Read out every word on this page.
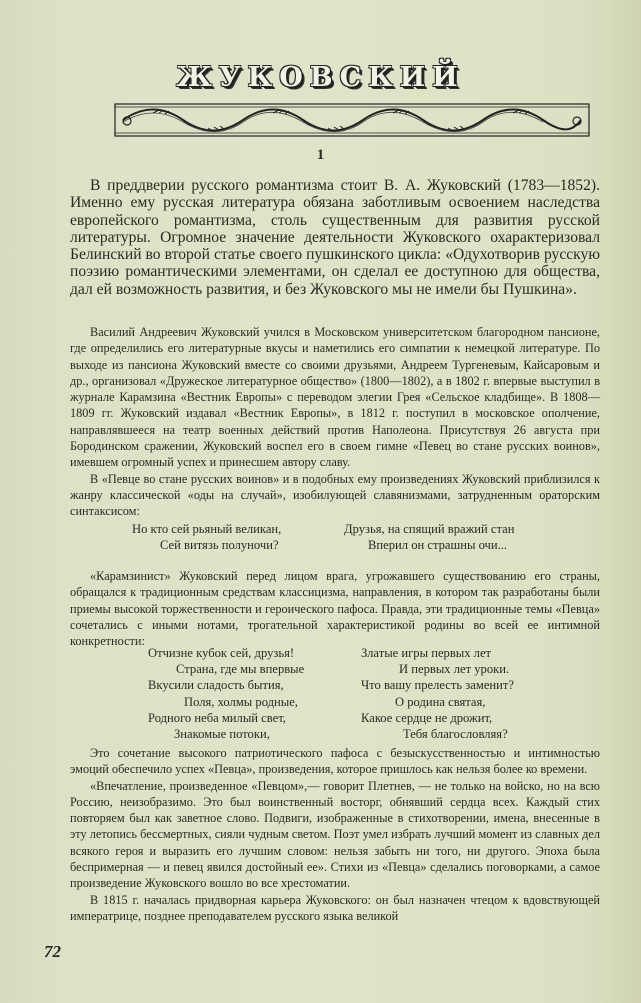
ЖУКОВСКИЙ
1

В преддверии русского романтизма стоит В. А. Жуковский (1783—1852). Именно ему русская литература обязана заботливым освоением наследства европейского романтизма, столь существенным для развития русской литературы. Огромное значение деятельности Жуковского охарактеризовал Белинский во второй статье своего пушкинского цикла: «Одухотворив русскую поэзию романтическими элементами, он сделал ее доступною для общества, дал ей возможность развития, и без Жуковского мы не имели бы Пушкина».

Василий Андреевич Жуковский учился в Московском университетском благородном пансионе, где определились его литературные вкусы и наметились его симпатии к немецкой литературе. По выходе из пансиона Жуковский вместе со своими друзьями, Андреем Тургеневым, Кайсаровым и др., организовал «Дружеское литературное общество» (1800—1802), а в 1802 г. впервые выступил в журнале Карамзина «Вестник Европы» с переводом элегии Грея «Сельское кладбище». В 1808—1809 гг. Жуковский издавал «Вестник Европы», в 1812 г. поступил в московское ополчение, направлявшееся на театр военных действий против Наполеона. Присутствуя 26 августа при Бородинском сражении, Жуковский воспел его в своем гимне «Певец во стане русских воинов», имевшем огромный успех и принесшем автору славу.

В «Певце во стане русских воинов» и в подобных ему произведениях Жуковский приблизился к жанру классической «оды на случай», изобилующей славянизмами, затрудненным ораторским синтаксисом:

Но кто сей рьяный великан,
Сей витязь полуночи?
Друзья, на спящий вражий стан
Вперил он страшны очи...

«Карамзинист» Жуковский перед лицом врага, угрожавшего существованию его страны, обращался к традиционным средствам классицизма, направления, в котором так разработаны были приемы высокой торжественности и героического пафоса. Правда, эти традиционные темы «Певца» сочетались с иными нотами, трогательной характеристикой родины во всей ее интимной конкретности:

Отчизне кубок сей, друзья!
Страна, где мы впервые
Вкусили сладость бытия,
Поля, холмы родные,
Родного неба милый свет,
Знакомые потоки,
Златые игры первых лет
И первых лет уроки.
Что вашу прелесть заменит?
О родина святая,
Какое сердце не дрожит,
Тебя благословляя?

Это сочетание высокого патриотического пафоса с безыскусственностью и интимностью эмоций обеспечило успех «Певца», произведения, которое пришлось как нельзя более ко времени.

«Впечатление, произведенное «Певцом»,— говорит Плетнев, — не только на войско, но на всю Россию, неизобразимо. Это был воинственный восторг, обнявший сердца всех. Каждый стих повторяем был как заветное слово. Подвиги, изображенные в стихотворении, имена, внесенные в эту летопись бессмертных, сияли чудным светом. Поэт умел избрать лучший момент из славных дел всякого героя и выразить его лучшим словом: нельзя забыть ни того, ни другого. Эпоха была беспримерная — и певец явился достойный ее». Стихи из «Певца» сделались поговорками, а самое произведение Жуковского вошло во все хрестоматии.

В 1815 г. началась придворная карьера Жуковского: он был назначен чтецом к вдовствующей императрице, позднее преподавателем русского языка великой

72
